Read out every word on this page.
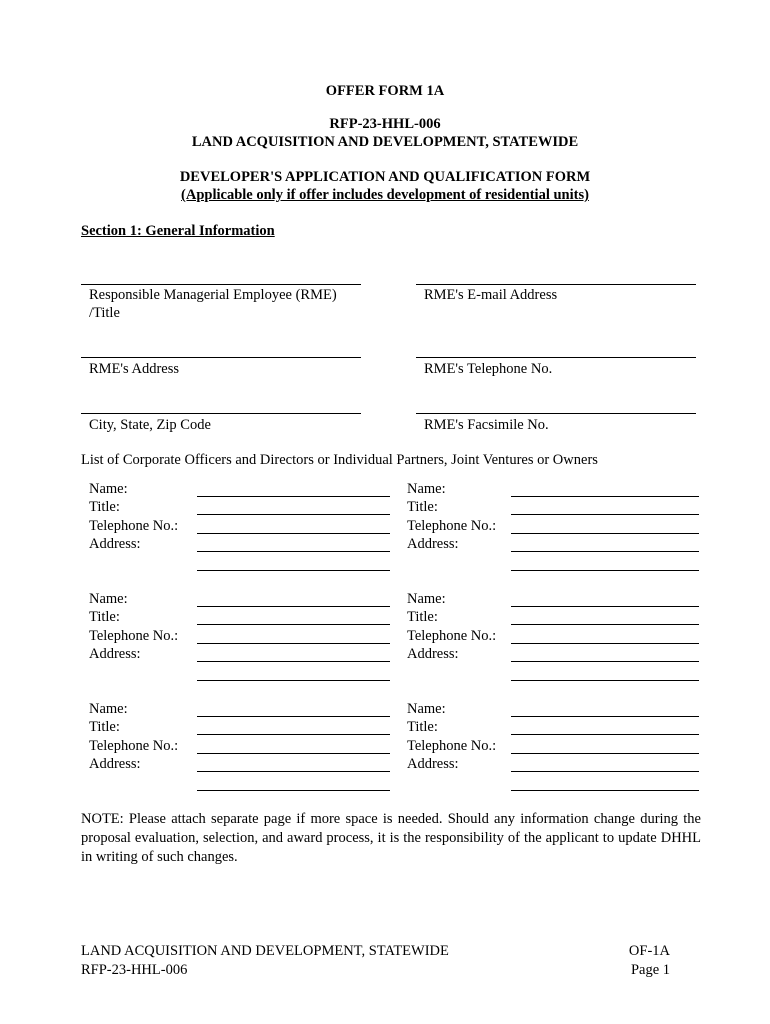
OFFER FORM 1A
RFP-23-HHL-006
LAND ACQUISITION AND DEVELOPMENT, STATEWIDE
DEVELOPER'S APPLICATION AND QUALIFICATION FORM
(Applicable only if offer includes development of residential units)
Section 1: General Information
Responsible Managerial Employee (RME)
/Title
RME's E-mail Address
RME's Address	RME's Telephone No.
City, State, Zip Code	RME's Facsimile No.
List of Corporate Officers and Directors or Individual Partners, Joint Ventures or Owners
Name:
Title:
Telephone No.:
Address:
Name:
Title:
Telephone No.:
Address:
Name:
Title:
Telephone No.:
Address:
Name:
Title:
Telephone No.:
Address:
Name:
Title:
Telephone No.:
Address:
Name:
Title:
Telephone No.:
Address:
NOTE: Please attach separate page if more space is needed. Should any information change during the proposal evaluation, selection, and award process, it is the responsibility of the applicant to update DHHL in writing of such changes.
LAND ACQUISITION AND DEVELOPMENT, STATEWIDE
RFP-23-HHL-006
OF-1A
Page 1
